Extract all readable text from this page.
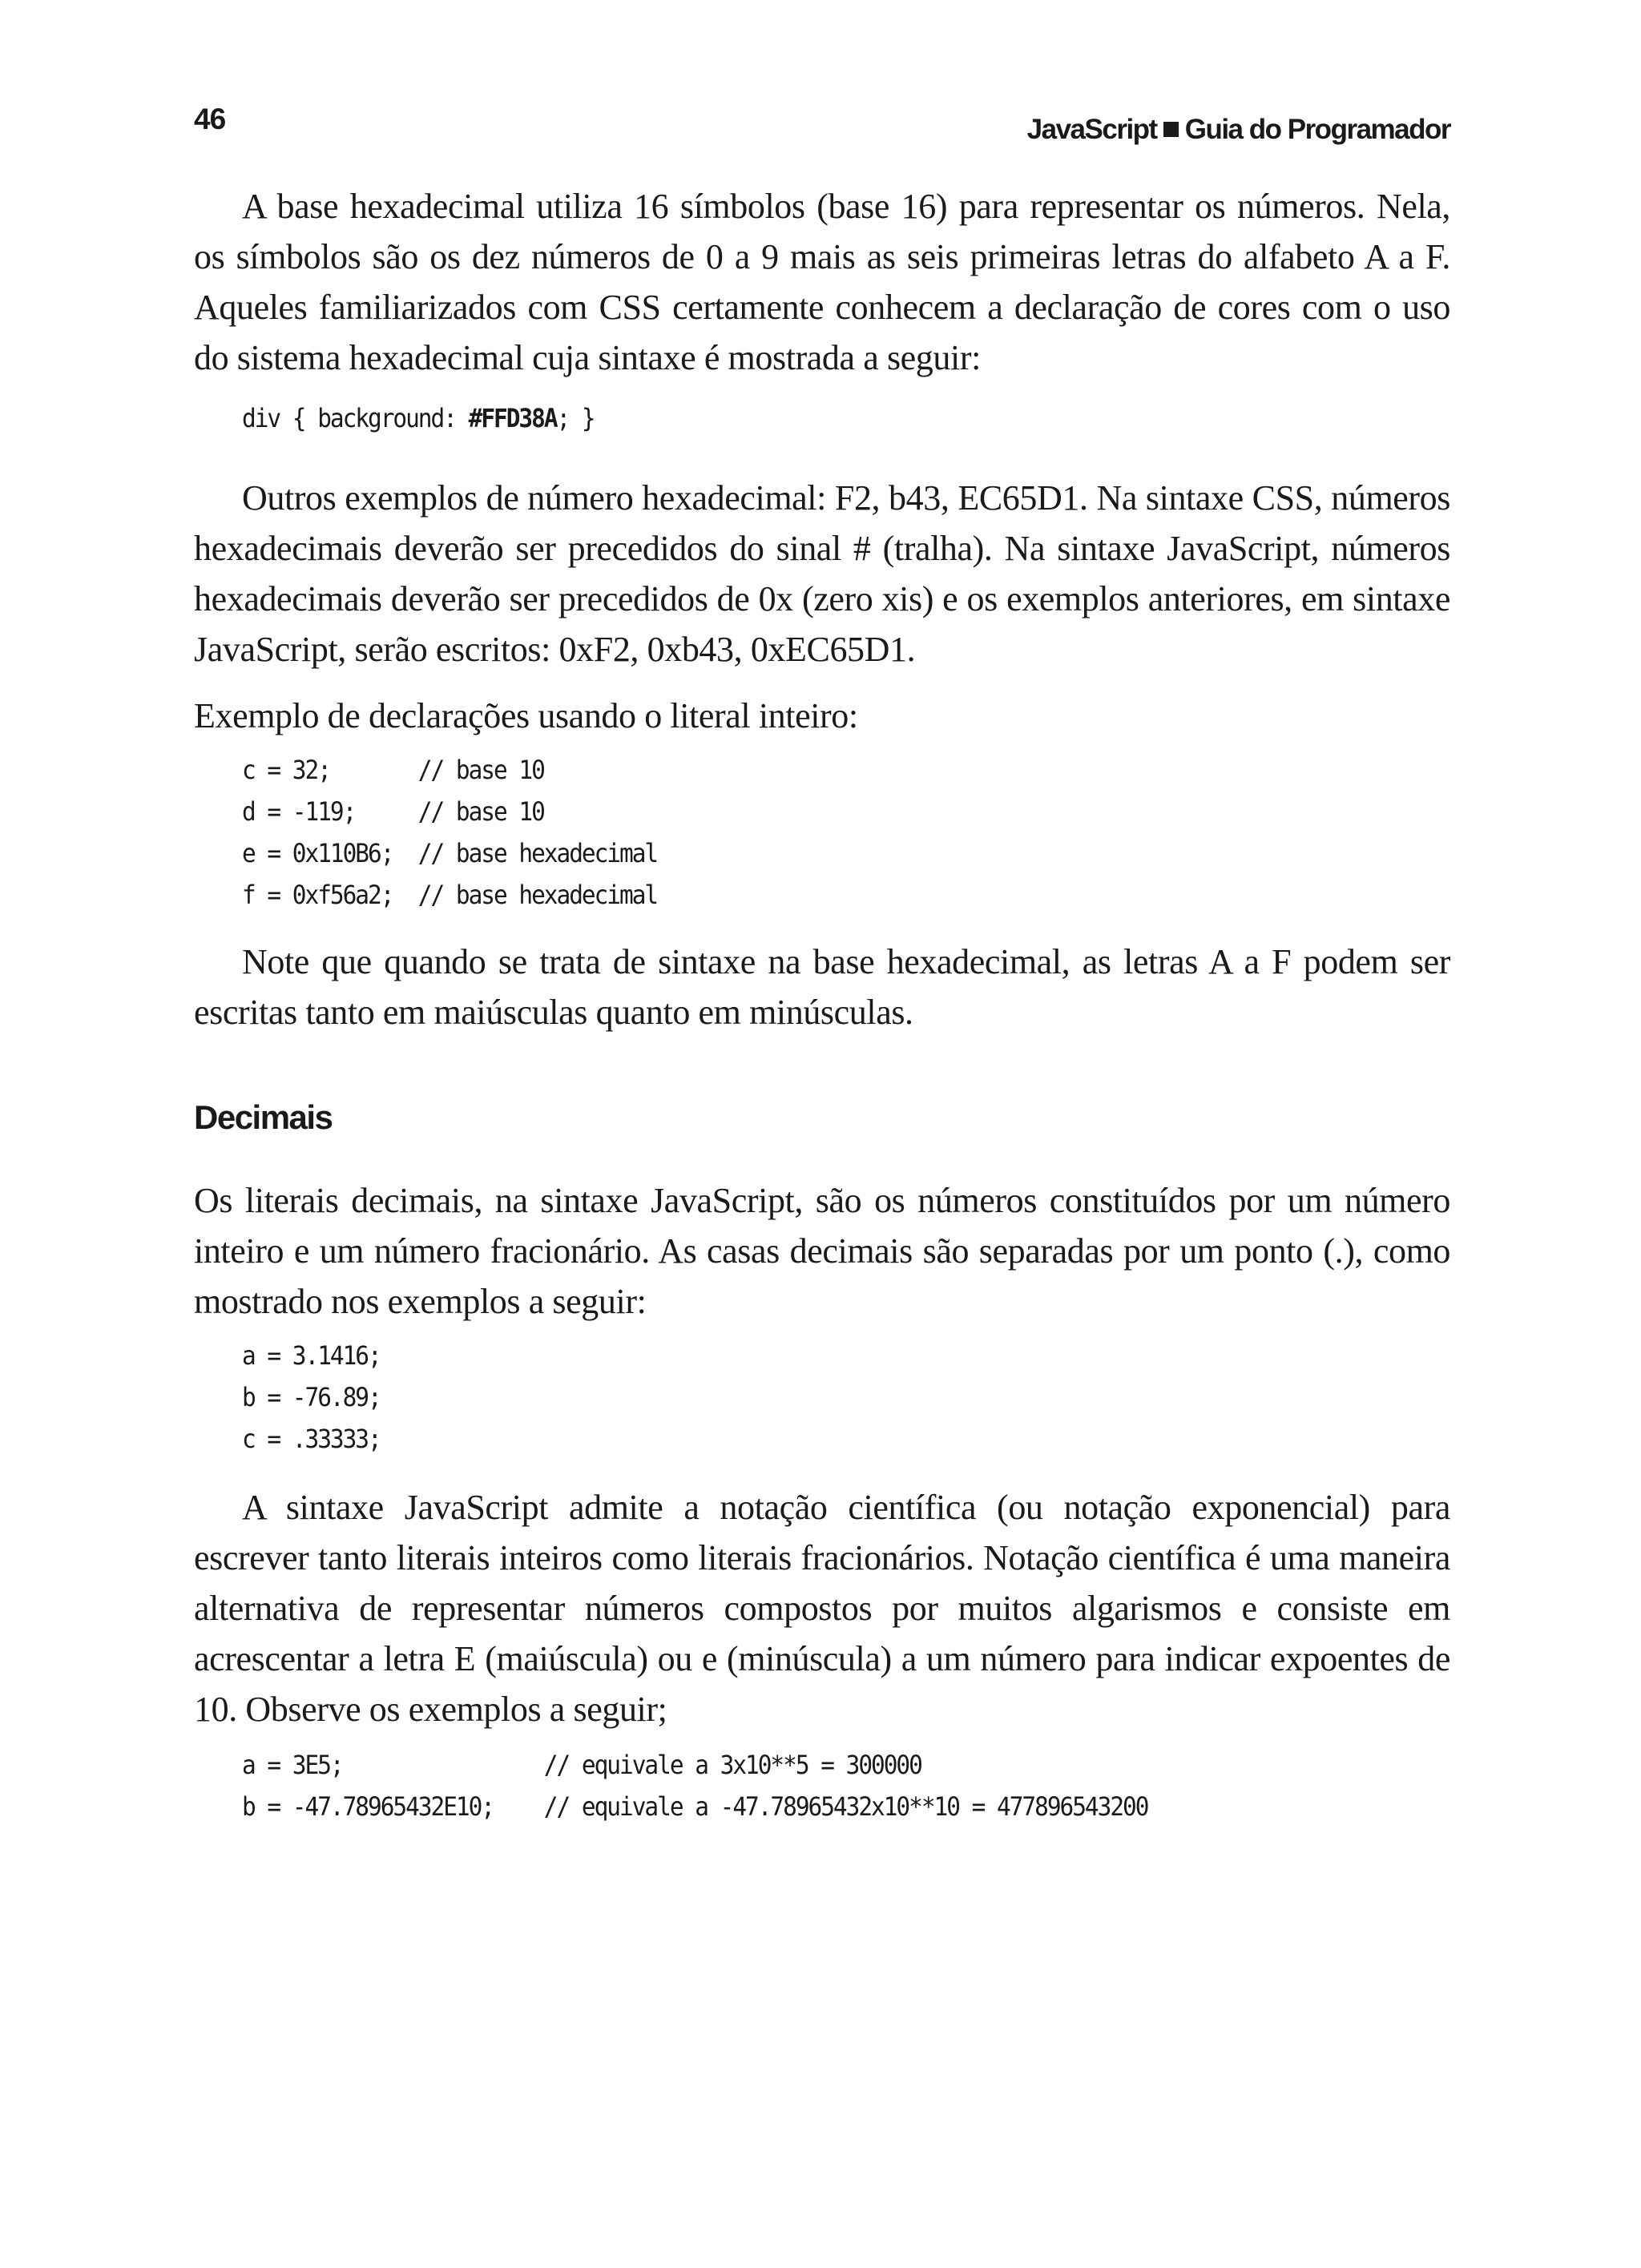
46	JavaScript Guia do Programador

A base hexadecimal utiliza 16 símbolos (base 16) para representar os números. Nela, os símbolos são os dez números de 0 a 9 mais as seis primeiras letras do alfabeto A a F. Aqueles familiarizados com CSS certamente conhecem a declaração de cores com o uso do sistema hexadecimal cuja sintaxe é mostrada a seguir:

div { background: #FFD38A; }

Outros exemplos de número hexadecimal: F2, b43, EC65D1. Na sintaxe CSS, números hexadecimais deverão ser precedidos do sinal # (tralha). Na sintaxe JavaScript, números hexadecimais deverão ser precedidos de 0x (zero xis) e os exemplos anteriores, em sintaxe JavaScript, serão escritos: 0xF2, 0xb43, 0xEC65D1.

Exemplo de declarações usando o literal inteiro:

c = 32;       // base 10
d = -119;     // base 10
e = 0x110B6;  // base hexadecimal
f = 0xf56a2;  // base hexadecimal

Note que quando se trata de sintaxe na base hexadecimal, as letras A a F podem ser escritas tanto em maiúsculas quanto em minúsculas.

Decimais

Os literais decimais, na sintaxe JavaScript, são os números constituídos por um número inteiro e um número fracionário. As casas decimais são separadas por um ponto (.), como mostrado nos exemplos a seguir:

a = 3.1416;
b = -76.89;
c = .33333;

A sintaxe JavaScript admite a notação científica (ou notação exponencial) para escrever tanto literais inteiros como literais fracionários. Notação científica é uma maneira alternativa de representar números compostos por muitos algarismos e consiste em acrescentar a letra E (maiúscula) ou e (minúscula) a um número para indicar expoentes de 10. Observe os exemplos a seguir;

a = 3E5;                // equivale a 3x10**5 = 300000
b = -47.78965432E10;    // equivale a -47.78965432x10**10 = 477896543200
